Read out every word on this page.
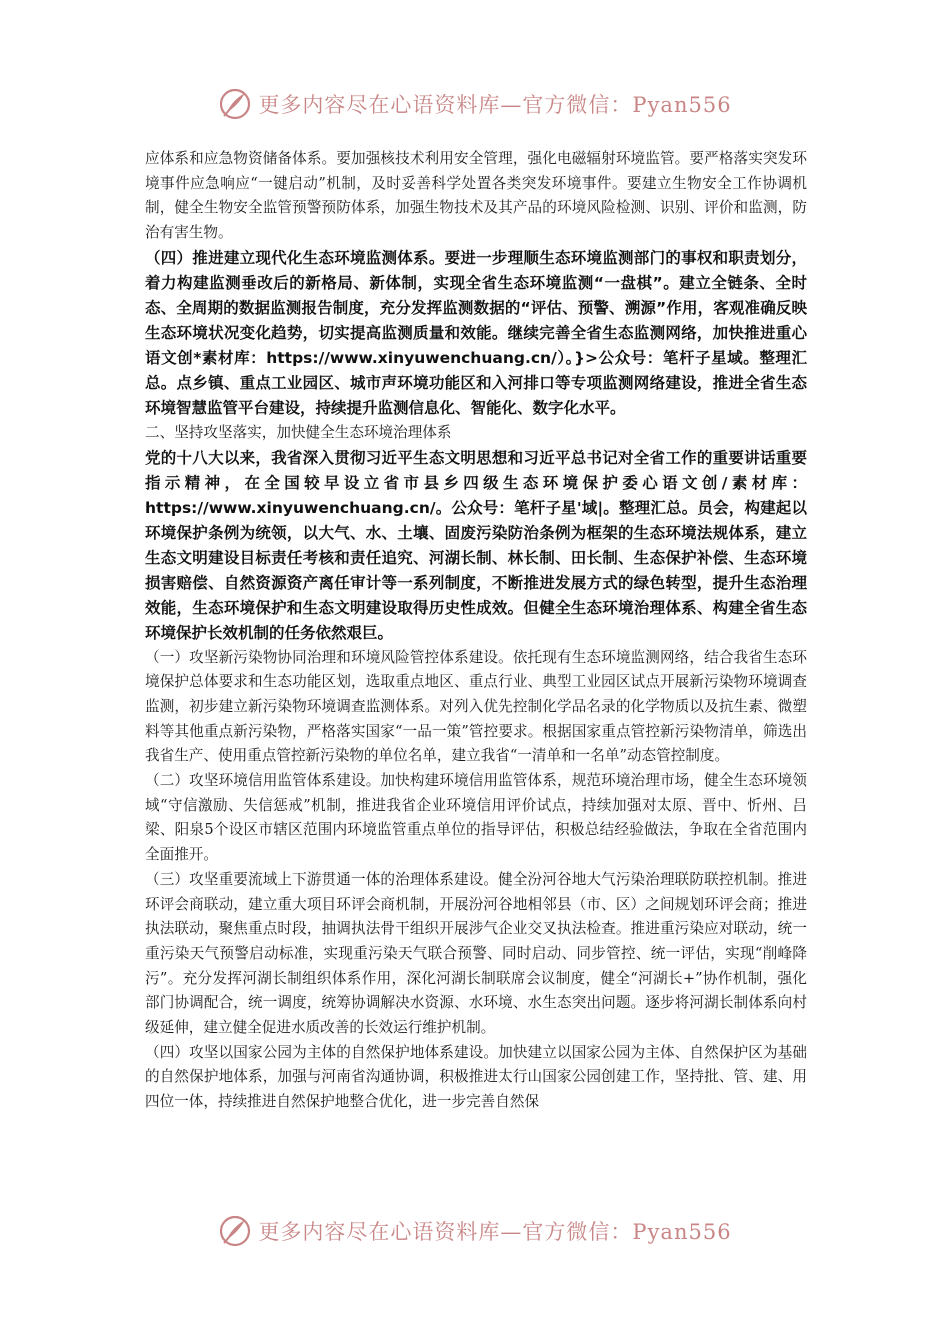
更多内容尽在心语资料库—官方微信：Pyan556

应体系和应急物资储备体系。要加强核技术利用安全管理，强化电磁辐射环境监管。要严格落实突发环境事件应急响应“一键启动”机制，及时妥善科学处置各类突发环境事件。要建立生物安全工作协调机制，健全生物安全监管预警预防体系，加强生物技术及其产品的环境风险检测、识别、评价和监测，防治有害生物。

（四）推进建立现代化生态环境监测体系。要进一步理顺生态环境监测部门的事权和职责划分，着力构建监测垂改后的新格局、新体制，实现全省生态环境监测“一盘棋”。建立全链条、全时态、全周期的数据监测报告制度，充分发挥监测数据的“评估、预警、溯源”作用，客观准确反映生态环境状况变化趋势，切实提高监测质量和效能。继续完善全省生态监测网络，加快推进重心语文创*素材库：https://www.xinyuwenchuang.cn/）。}>公众号：笔杆子星域。整理汇总。点乡镇、重点工业园区、城市声环境功能区和入河排口等专项监测网络建设，推进全省生态环境智慧监管平台建设，持续提升监测信息化、智能化、数字化水平。

二、坚持攻坚落实，加快健全生态环境治理体系

党的十八大以来，我省深入贯彻习近平生态文明思想和习近平总书记对全省工作的重要讲话重要指示精神，在全国较早设立省市县乡四级生态环境保护委心语文创/素材库：https://www.xinyuwenchuang.cn/。公众号：笔杆子星'域|。整理汇总。员会，构建起以环境保护条例为统领，以大气、水、土壤、固废污染防治条例为框架的生态环境法规体系，建立生态文明建设目标责任考核和责任追究、河湖长制、林长制、田长制、生态保护补偿、生态环境损害赔偿、自然资源资产离任审计等一系列制度，不断推进发展方式的绿色转型，提升生态治理效能，生态环境保护和生态文明建设取得历史性成效。但健全生态环境治理体系、构建全省生态环境保护长效机制的任务依然艰巨。

（一）攻坚新污染物协同治理和环境风险管控体系建设。依托现有生态环境监测网络，结合我省生态环境保护总体要求和生态功能区划，选取重点地区、重点行业、典型工业园区试点开展新污染物环境调查监测，初步建立新污染物环境调查监测体系。对列入优先控制化学品名录的化学物质以及抗生素、微塑料等其他重点新污染物，严格落实国家“一品一策”管控要求。根据国家重点管控新污染物清单，筛选出我省生产、使用重点管控新污染物的单位名单，建立我省“一清单和一名单”动态管控制度。

（二）攻坚环境信用监管体系建设。加快构建环境信用监管体系，规范环境治理市场，健全生态环境领域“守信激励、失信惩戒”机制，推进我省企业环境信用评价试点，持续加强对太原、晋中、忻州、吕梁、阳泉5个设区市辖区范围内环境监管重点单位的指导评估，积极总结经验做法，争取在全省范围内全面推开。

（三）攻坚重要流域上下游贯通一体的治理体系建设。健全汾河谷地大气污染治理联防联控机制。推进环评会商联动，建立重大项目环评会商机制，开展汾河谷地相邻县（市、区）之间规划环评会商；推进执法联动，聚焦重点时段，抽调执法骨干组织开展涉气企业交叉执法检查。推进重污染应对联动，统一重污染天气预警启动标准，实现重污染天气联合预警、同时启动、同步管控、统一评估，实现“削峰降污”。充分发挥河湖长制组织体系作用，深化河湖长制联席会议制度，健全“河湖长+”协作机制，强化部门协调配合，统一调度，统筹协调解决水资源、水环境、水生态突出问题。逐步将河湖长制体系向村级延伸，建立健全促进水质改善的长效运行维护机制。

（四）攻坚以国家公园为主体的自然保护地体系建设。加快建立以国家公园为主体、自然保护区为基础的自然保护地体系，加强与河南省沟通协调，积极推进太行山国家公园创建工作，坚持批、管、建、用四位一体，持续推进自然保护地整合优化，进一步完善自然保

更多内容尽在心语资料库—官方微信：Pyan556
